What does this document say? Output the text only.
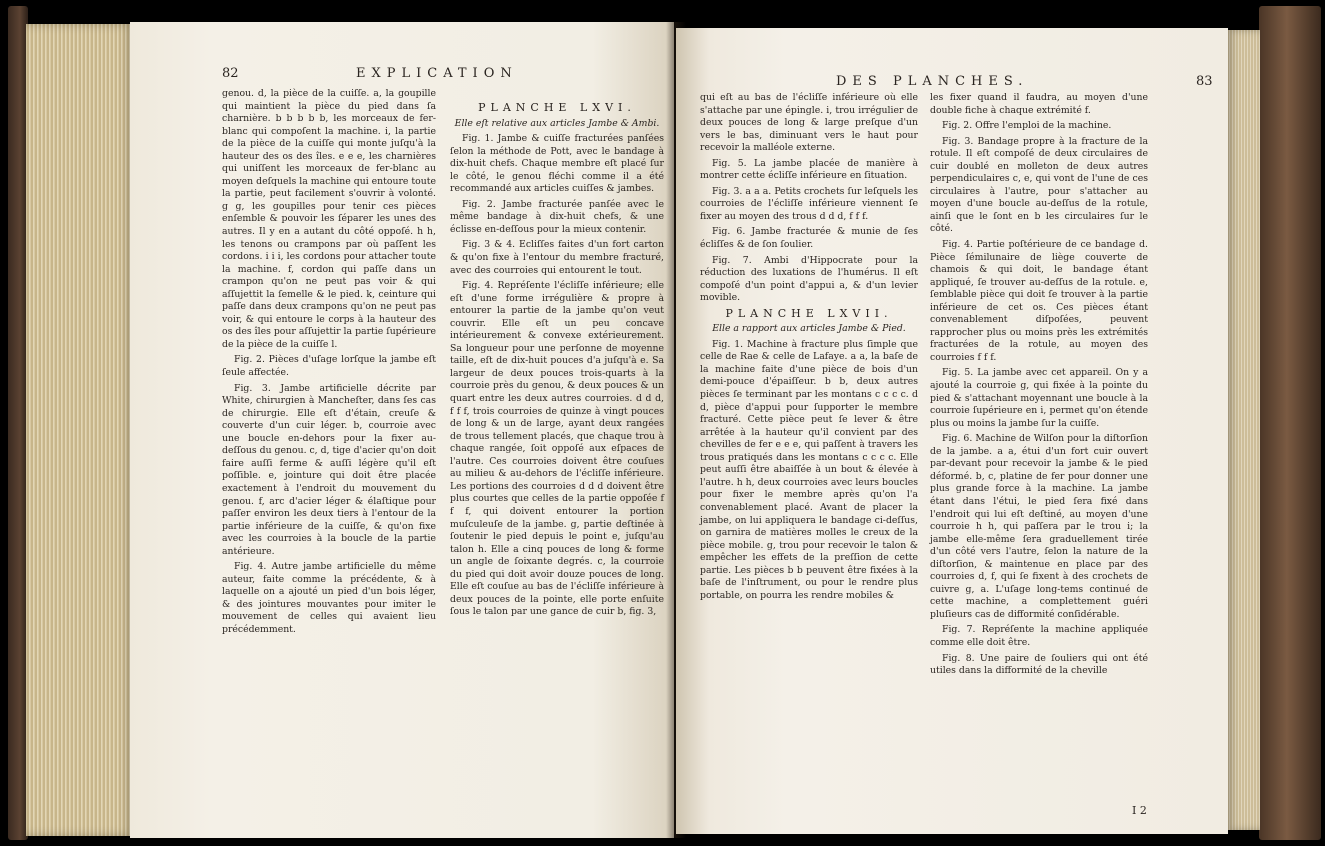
82	EXPLICATION

genou. d, la pièce de la cuiſſe. a, la goupille qui maintient la pièce du pied dans ſa charnière. b b b b b, les morceaux de fer-blanc qui compoſent la machine. i, la partie de la pièce de la cuiſſe qui monte juſqu'à la hauteur des os des îles. e e e, les charnières qui uniſſent les morceaux de fer-blanc au moyen deſquels la machine qui entoure toute la partie, peut facilement s'ouvrir à volonté. g g, les goupilles pour tenir ces pièces enſemble & pouvoir les ſéparer les unes des autres. Il y en a autant du côté oppoſé. h h, les tenons ou crampons par où paſſent les cordons. i i i, les cordons pour attacher toute la machine. f, cordon qui paſſe dans un crampon qu'on ne peut pas voir & qui aſſujettit la ſemelle & le pied. k, ceinture qui paſſe dans deux crampons qu'on ne peut pas voir, & qui entoure le corps à la hauteur des os des îles pour aſſujettir la partie ſupérieure de la pièce de la cuiſſe l.

Fig. 2. Pièces d'uſage lorſque la jambe eſt ſeule affectée.

Fig. 3. Jambe artificielle décrite par White, chirurgien à Mancheſter, dans ſes cas de chirurgie. Elle eſt d'étain, creuſe & couverte d'un cuir léger. b, courroie avec une boucle en-dehors pour la fixer au-deſſous du genou. c, d, tige d'acier qu'on doit faire auſſi ferme & auſſi légère qu'il eſt poſſible. e, jointure qui doit être placée exactement à l'endroit du mouvement du genou. f, arc d'acier léger & élaſtique pour paſſer environ les deux tiers à l'entour de la partie inférieure de la cuiſſe, & qu'on fixe avec les courroies à la boucle de la partie antérieure.

Fig. 4. Autre jambe artificielle du même auteur, faite comme la précédente, & à laquelle on a ajouté un pied d'un bois léger, & des jointures mouvantes pour imiter le mouvement de celles qui avaient lieu précédemment.

PLANCHE LXVI.

Elle eſt relative aux articles Jambe & Ambi.

Fig. 1. Jambe & cuiſſe fracturées panſées ſelon la méthode de Pott, avec le bandage à dix-huit chefs. Chaque membre eſt placé ſur le côté, le genou fléchi comme il a été recommandé aux articles cuiſſes & jambes.

Fig. 2. Jambe fracturée panſée avec le même bandage à dix-huit chefs, & une éclisse en-deſſous pour la mieux contenir.

Fig. 3 & 4. Ecliſſes faites d'un fort carton & qu'on fixe à l'entour du membre fracturé, avec des courroies qui entourent le tout.

Fig. 4. Repréſente l'écliſſe inférieure; elle eſt d'une forme irrégulière & propre à entourer la partie de la jambe qu'on veut couvrir. Elle eſt un peu concave intérieurement & convexe extérieurement. Sa longueur pour une perſonne de moyenne taille, eſt de dix-huit pouces d'a juſqu'à e. Sa largeur de deux pouces trois-quarts à la courroie près du genou, & deux pouces & un quart entre les deux autres courroies. d d d, f f f, trois courroies de quinze à vingt pouces de long & un de large, ayant deux rangées de trous tellement placés, que chaque trou à chaque rangée, ſoit oppoſé aux eſpaces de l'autre. Ces courroies doivent être couſues au milieu & au-dehors de l'écliſſe inférieure. Les portions des courroies d d d doivent être plus courtes que celles de la partie oppoſée f f f, qui doivent entourer la portion muſculeuſe de la jambe. g, partie deſtinée à ſoutenir le pied depuis le point e, juſqu'au talon h. Elle a cinq pouces de long & forme un angle de ſoixante degrés. c, la courroie du pied qui doit avoir douze pouces de long. Elle eſt couſue au bas de l'écliſſe inférieure à deux pouces de la pointe, elle porte enſuite ſous le talon par une gance de cuir b, fig. 3,

DES PLANCHES.	83

qui eſt au bas de l'écliſſe inférieure où elle s'attache par une épingle. i, trou irrégulier de deux pouces de long & large preſque d'un vers le bas, diminuant vers le haut pour recevoir la malléole externe.

Fig. 5. La jambe placée de manière à montrer cette écliſſe inférieure en ſituation.

Fig. 3. a a a. Petits crochets ſur leſquels les courroies de l'écliſſe inférieure viennent ſe fixer au moyen des trous d d d, f f f.

Fig. 6. Jambe fracturée & munie de ſes écliſſes & de ſon ſoulier.

Fig. 7. Ambi d'Hippocrate pour la réduction des luxations de l'humérus. Il eſt compoſé d'un point d'appui a, & d'un levier movible.

PLANCHE LXVII.

Elle a rapport aux articles Jambe & Pied.

Fig. 1. Machine à fracture plus ſimple que celle de Rae & celle de Lafaye. a a, la baſe de la machine faite d'une pièce de bois d'un demi-pouce d'épaiſſeur. b b, deux autres pièces ſe terminant par les montans c c c c. d d, pièce d'appui pour ſupporter le membre fracturé. Cette pièce peut ſe lever & être arrêtée à la hauteur qu'il convient par des chevilles de fer e e e, qui paſſent à travers les trous pratiqués dans les montans c c c c. Elle peut auſſi être abaiſſée à un bout & élevée à l'autre. h h, deux courroies avec leurs boucles pour fixer le membre après qu'on l'a convenablement placé. Avant de placer la jambe, on lui appliquera le bandage ci-deſſus, on garnira de matières molles le creux de la pièce mobile. g, trou pour recevoir le talon & empêcher les effets de la preſſion de cette partie. Les pièces b b peuvent être fixées à la baſe de l'inſtrument, ou pour le rendre plus portable, on pourra les rendre mobiles &

les fixer quand il faudra, au moyen d'une double fiche à chaque extrémité f.

Fig. 2. Offre l'emploi de la machine.

Fig. 3. Bandage propre à la fracture de la rotule. Il eſt compoſé de deux circulaires de cuir doublé en molleton de deux autres perpendiculaires c, e, qui vont de l'une de ces circulaires à l'autre, pour s'attacher au moyen d'une boucle au-deſſus de la rotule, ainſi que le ſont en b les circulaires ſur le côté.

Fig. 4. Partie poſtérieure de ce bandage d. Pièce ſémilunaire de liège couverte de chamois & qui doit, le bandage étant appliqué, ſe trouver au-deſſus de la rotule. e, ſemblable pièce qui doit ſe trouver à la partie inférieure de cet os. Ces pièces étant convenablement diſpoſées, peuvent rapprocher plus ou moins près les extrémités fracturées de la rotule, au moyen des courroies f f f.

Fig. 5. La jambe avec cet appareil. On y a ajouté la courroie g, qui fixée à la pointe du pied & s'attachant moyennant une boucle à la courroie ſupérieure en i, permet qu'on étende plus ou moins la jambe ſur la cuiſſe.

Fig. 6. Machine de Wilſon pour la diſtorſion de la jambe. a a, étui d'un fort cuir ouvert par-devant pour recevoir la jambe & le pied déformé. b, c, platine de fer pour donner une plus grande force à la machine. La jambe étant dans l'étui, le pied ſera fixé dans l'endroit qui lui eſt deſtiné, au moyen d'une courroie h h, qui paſſera par le trou i; la jambe elle-même ſera graduellement tirée d'un côté vers l'autre, ſelon la nature de la diſtorſion, & maintenue en place par des courroies d, f, qui ſe fixent à des crochets de cuivre g, a. L'uſage long-tems continué de cette machine, a complettement guéri pluſieurs cas de difformité conſidérable.

Fig. 7. Repréſente la machine appliquée comme elle doit être.

Fig. 8. Une paire de ſouliers qui ont été utiles dans la difformité de la cheville

I 2
